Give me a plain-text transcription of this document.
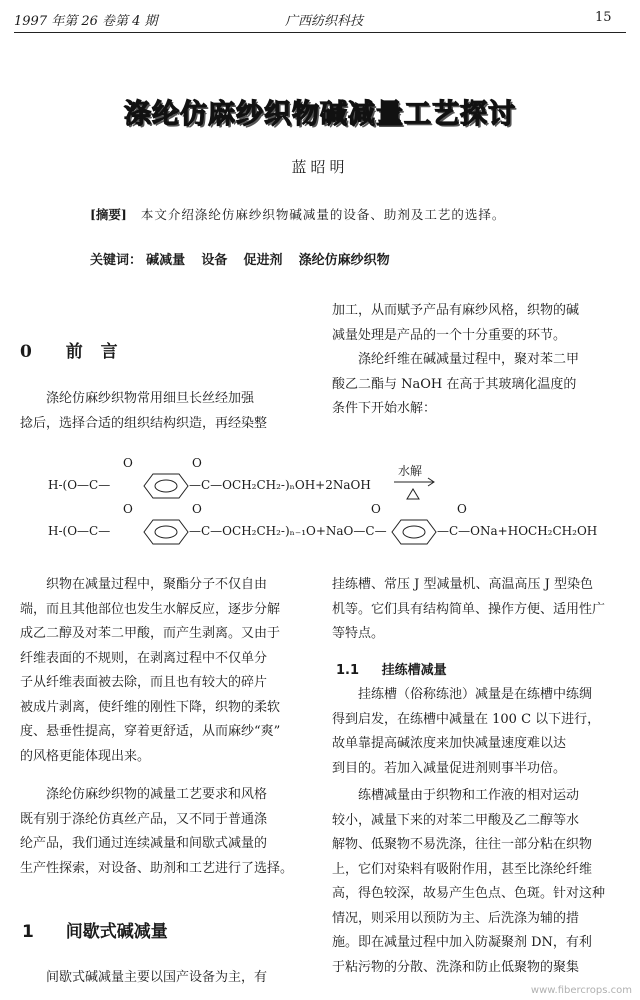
1997 年第 26 卷第 4 期	广西纺织科技	15
涤纶仿麻纱织物碱减量工艺探讨
蓝昭明
[摘要] 本文介绍涤纶仿麻纱织物碱减量的设备、助剂及工艺的选择。
关键词： 碱减量 设备 促进剂 涤纶仿麻纱织物
0 前 言

涤纶仿麻纱织物常用细旦长丝经加强

捻后，选择合适的组织结构织造，再经染整

加工，从而赋予产品有麻纱风格，织物的碱

减量处理是产品的一个十分重要的环节。

涤纶纤维在碱减量过程中，聚对苯二甲

酸乙二酯与 NaOH 在高于其玻璃化温度的

条件下开始水解：

O	O
H-(O—C—	—C—OCH₂CH₂-)ₙOH+2NaOH
水解
O	O	O	O
H-(O—C—	—C—OCH₂CH₂-)ₙ₋₁O+NaO—C—	—C—ONa+HOCH₂CH₂OH

织物在减量过程中，聚酯分子不仅自由

端，而且其他部位也发生水解反应，逐步分解

成乙二醇及对苯二甲酸，而产生剥离。又由于

纤维表面的不规则，在剥离过程中不仅单分

子从纤维表面被去除，而且也有较大的碎片

被成片剥离，使纤维的刚性下降，织物的柔软

度、悬垂性提高，穿着更舒适，从而麻纱“爽”

的风格更能体现出来。

涤纶仿麻纱织物的减量工艺要求和风格

既有别于涤纶仿真丝产品，又不同于普通涤

纶产品，我们通过连续减量和间歇式减量的

生产性探索，对设备、助剂和工艺进行了选择。

1 间歇式碱减量

间歇式碱减量主要以国产设备为主，有

挂练槽、常压 J 型减量机、高温高压 J 型染色

机等。它们具有结构简单、操作方便、适用性广

等特点。

1.1 挂练槽减量

挂练槽（俗称练池）减量是在练槽中练绸

得到启发，在练槽中减量在 100 C 以下进行，

故单靠提高碱浓度来加快减量速度难以达

到目的。若加入减量促进剂则事半功倍。

练槽减量由于织物和工作液的相对运动

较小，减量下来的对苯二甲酸及乙二醇等水

解物、低聚物不易洗涤，往往一部分粘在织物

上，它们对染料有吸附作用，甚至比涤纶纤维

高，得色较深，故易产生色点、色斑。针对这种

情况，则采用以预防为主、后洗涤为辅的措

施。即在减量过程中加入防凝聚剂 DN，有利

于粘污物的分散、洗涤和防止低聚物的聚集

www.fibercrops.com
